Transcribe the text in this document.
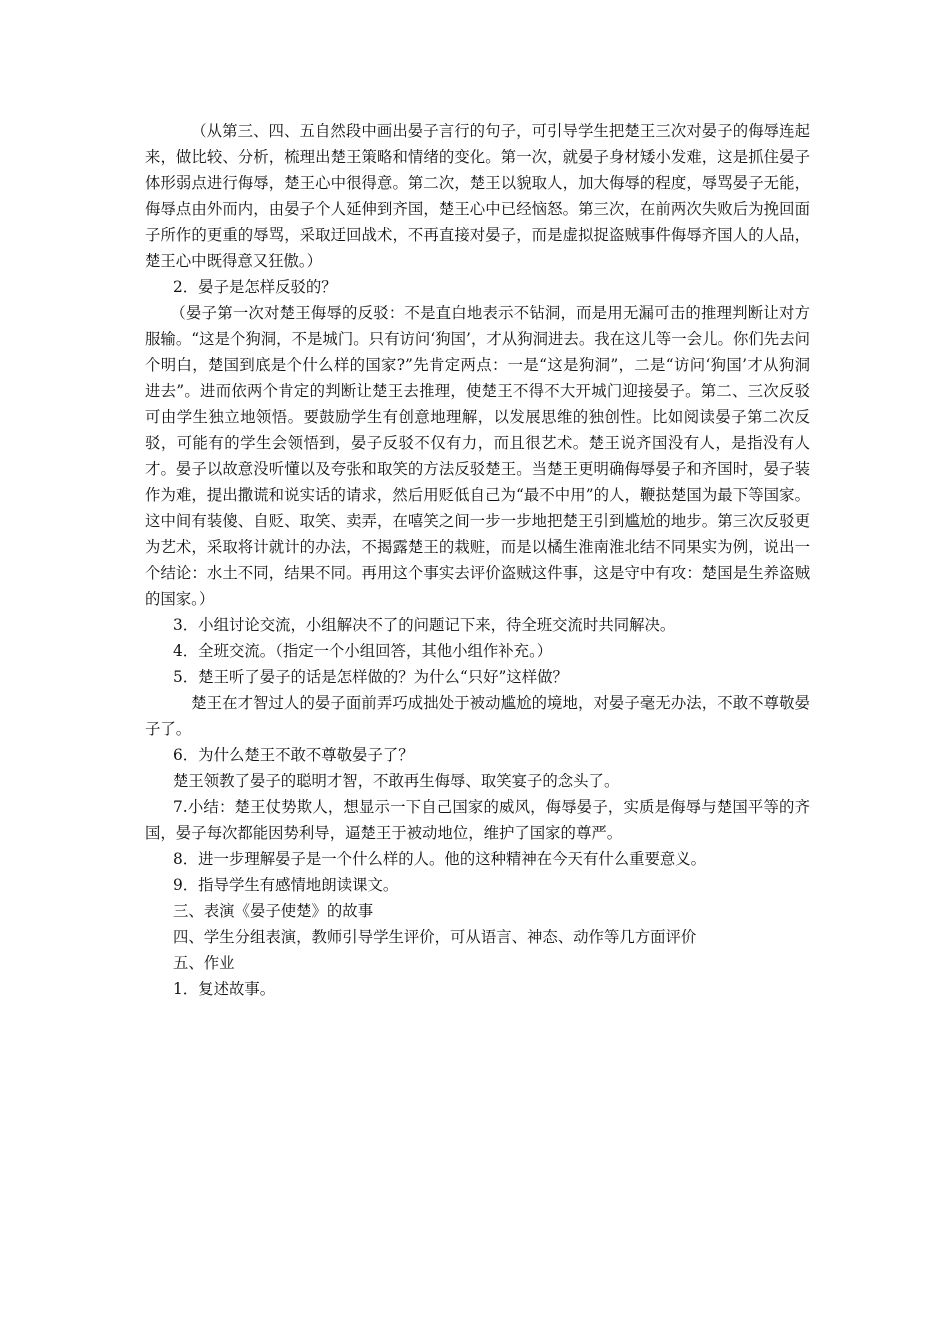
（从第三、四、五自然段中画出晏子言行的句子，可引导学生把楚王三次对晏子的侮辱连起来，做比较、分析，梳理出楚王策略和情绪的变化。第一次，就晏子身材矮小发难，这是抓住晏子体形弱点进行侮辱，楚王心中很得意。第二次，楚王以貌取人，加大侮辱的程度，辱骂晏子无能，侮辱点由外而内，由晏子个人延伸到齐国，楚王心中已经恼怒。第三次，在前两次失败后为挽回面子所作的更重的辱骂，采取迂回战术，不再直接对晏子，而是虚拟捉盗贼事件侮辱齐国人的人品，楚王心中既得意又狂傲。）

2．晏子是怎样反驳的？

（晏子第一次对楚王侮辱的反驳：不是直白地表示不钻洞，而是用无漏可击的推理判断让对方服输。“这是个狗洞，不是城门。只有访问‘狗国’，才从狗洞进去。我在这儿等一会儿。你们先去问个明白，楚国到底是个什么样的国家?”先肯定两点：一是“这是狗洞”，二是“访问‘狗国’才从狗洞进去”。进而依两个肯定的判断让楚王去推理，使楚王不得不大开城门迎接晏子。第二、三次反驳可由学生独立地领悟。要鼓励学生有创意地理解，以发展思维的独创性。比如阅读晏子第二次反驳，可能有的学生会领悟到，晏子反驳不仅有力，而且很艺术。楚王说齐国没有人，是指没有人才。晏子以故意没听懂以及夸张和取笑的方法反驳楚王。当楚王更明确侮辱晏子和齐国时，晏子装作为难，提出撒谎和说实话的请求，然后用贬低自己为“最不中用”的人，鞭挞楚国为最下等国家。这中间有装傻、自贬、取笑、卖弄，在嘻笑之间一步一步地把楚王引到尴尬的地步。第三次反驳更为艺术，采取将计就计的办法，不揭露楚王的栽赃，而是以橘生淮南淮北结不同果实为例，说出一个结论：水土不同，结果不同。再用这个事实去评价盗贼这件事，这是守中有攻：楚国是生养盗贼的国家。）

3．小组讨论交流，小组解决不了的问题记下来，待全班交流时共同解决。

4．全班交流。（指定一个小组回答，其他小组作补充。）

5．楚王听了晏子的话是怎样做的？为什么“只好”这样做？

楚王在才智过人的晏子面前弄巧成拙处于被动尴尬的境地，对晏子毫无办法，不敢不尊敬晏子了。

6．为什么楚王不敢不尊敬晏子了？

楚王领教了晏子的聪明才智，不敢再生侮辱、取笑宴子的念头了。

7.小结：楚王仗势欺人，想显示一下自己国家的威风，侮辱晏子，实质是侮辱与楚国平等的齐国，晏子每次都能因势利导，逼楚王于被动地位，维护了国家的尊严。

8．进一步理解晏子是一个什么样的人。他的这种精神在今天有什么重要意义。

9．指导学生有感情地朗读课文。

三、表演《晏子使楚》的故事

四、学生分组表演，教师引导学生评价，可从语言、神态、动作等几方面评价

五、作业

1．复述故事。
